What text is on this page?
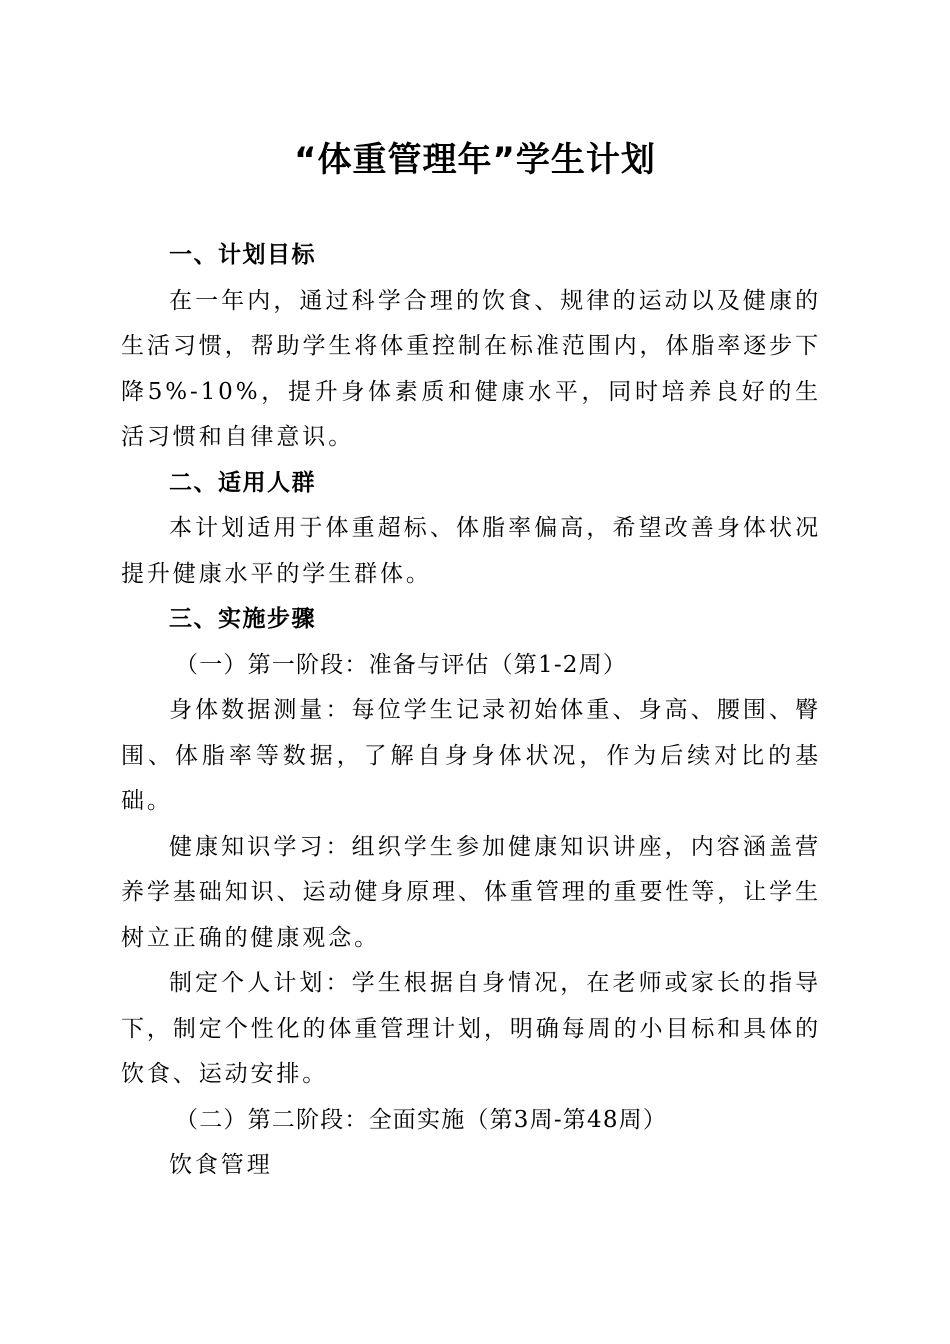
“体重管理年”学生计划
一、计划目标

在一年内，通过科学合理的饮食、规律的运动以及健康的生活习惯，帮助学生将体重控制在标准范围内，体脂率逐步下降5%-10%，提升身体素质和健康水平，同时培养良好的生活习惯和自律意识。

二、适用人群

本计划适用于体重超标、体脂率偏高，希望改善身体状况提升健康水平的学生群体。

三、实施步骤
（一）第一阶段：准备与评估（第1-2周）

身体数据测量：每位学生记录初始体重、身高、腰围、臀围、体脂率等数据，了解自身身体状况，作为后续对比的基础。

健康知识学习：组织学生参加健康知识讲座，内容涵盖营养学基础知识、运动健身原理、体重管理的重要性等，让学生树立正确的健康观念。

制定个人计划：学生根据自身情况，在老师或家长的指导下，制定个性化的体重管理计划，明确每周的小目标和具体的饮食、运动安排。

（二）第二阶段：全面实施（第3周-第48周）
饮食管理
